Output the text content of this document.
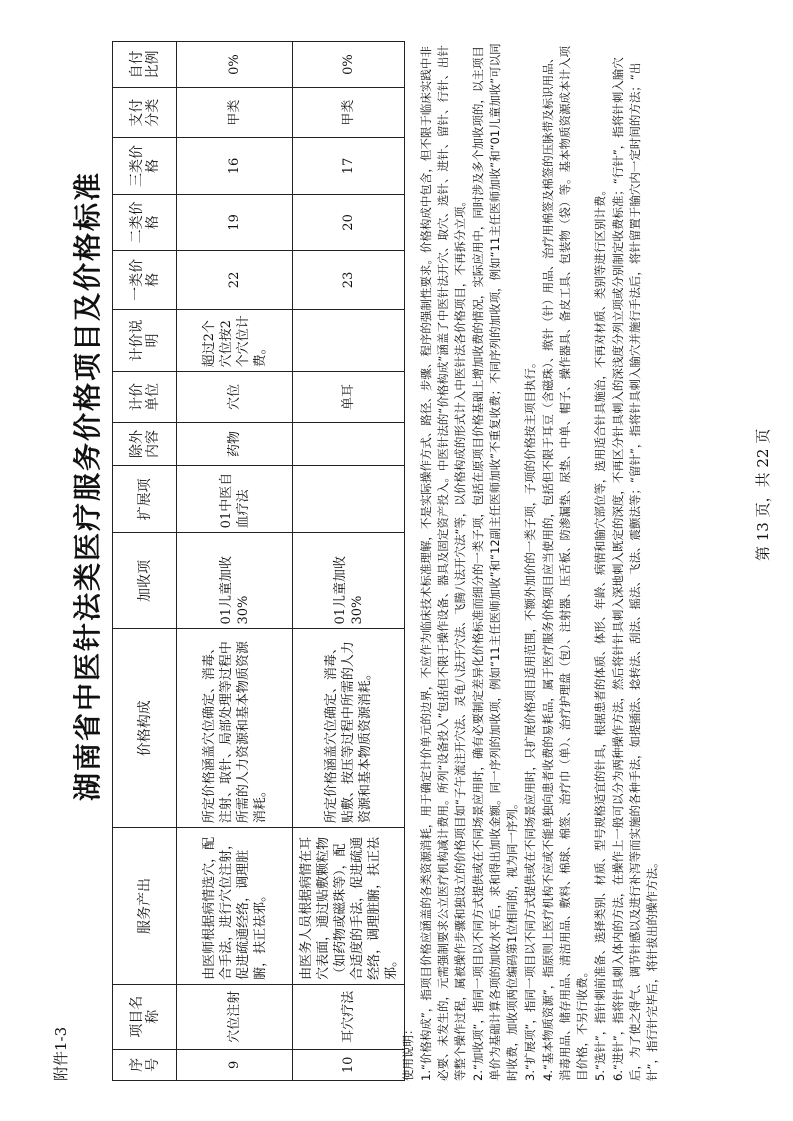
附件1-3
湖南省中医针法类医疗服务价格项目及价格标准
序号	项目名称	服务产出	价格构成	加收项	扩展项	除外内容	计价单位	计价说明	一类价格	二类价格	三类价格	支付分类	自付比例
9	穴位注射	由医师根据病情选穴，配合手法，进行穴位注射，促进疏通经络，调理脏腑，扶正祛邪。	所定价格涵盖穴位确定、消毒、注射、取针、局部处理等过程中所需的人力资源和基本物质资源消耗。	01儿童加收30%	01中医自血疗法	药物	穴位	超过2个穴位按2个穴位计费。	22	19	16	甲类	0%
10	耳穴疗法	由医务人员根据病情在耳穴表面，通过贴敷颗粒物（如药物或磁珠等），配合适度的手法，促进疏通经络，调理脏腑，扶正祛邪。	所定价格涵盖穴位确定、消毒、贴敷、按压等过程中所需的人力资源和基本物质资源消耗。	01儿童加收30%			单耳		23	20	17	甲类	0%

使用说明： 1.“价格构成”，指项目价格应涵盖的各类资源消耗，用于确定计价单元的边界，不应作为临床技术标准理解，不是实际操作方式、路径、步骤、程序的强制性要求。价格构成中包含，但不限于临床实践中非必要、未发生的，元需强制要求公立医疗机构减计费用。所列“设备投入”包括但不限于操作设备、器具及固定资产投入。中医针法的“价格构成”涵盖了中医针法开穴、取穴、选针、进针、留针、行针、出针等整个操作过程，属被操作步骤和独设立的价格项目如“子午流注开穴法、灵龟八法开穴法、飞腾八法开穴法”等，以价格构成的形式计入中医针法各价格项目，不再拆分立项。 2.“加收项”，指同一项目以不同方式提供或在不同场景应用时，确有必要制定差异化价格标准而细分的一类子项，包括在原项目价格基础上增加收费的情况，实际应用中，同时涉及多个加收项的，以主项目单价为基础计算各项的加收水平后，求和得出加收金额。同一序列的加收项，例如“11主任医师加收”和“12副主任医师加收”不重复收费；不同序列的加收项，例如“11主任医师加收”和“01儿童加收”可以同时收费，加收项两位编码第1位相同的，视为同一序列。 3.“扩展项”，指同一项目以不同方式提供或在不同场景应用时，只扩展价格项目适用范围，不额外加价的一类子项，子项的价格按主项目执行。 4.“基本物质资源”，指原则上医疗机构不应或不能单独向患者收费的易耗品，属于医疗服务价格项目应当使用的，包括但不限于耳豆（含磁珠）、揿针（针）用品、治疗用棉签及棉签的压脉带及标识用品、消毒用品、储存用品、清洁用品、敷料、棉球、棉签、治疗巾（单）、治疗护理盘（包）、注射器、压舌板、防渗漏垫、尿垫、中单、帽子、操作器具、备皮工具、包装物（袋）等。基本物质资源成本计入项目价格，不另行收费。 5.“选针”，指针刺前准备、选择类别、材质、型号规格适宜的针具，根据患者的体质、体形、年龄、病情和腧穴部位等，选用适合针具施治，不再对材质、类别等进行区别计费。 6.“进针”，指将针具刺入体内的方法，在操作上一般可以分为两种操作方法，然后将针针具刺入深地刺入既定的深度，不再区分针具刺入的深浅度分列立项或分别制定收费标准；“行针”，指将针刺入腧穴后，为了使之得气、调节针感以及进行补泻等而实施的各种手法，如提插法、捻转法、刮法、摇法、飞法、震颤法等；“留针”，指将针具刺入腧穴并施行手法后，将针留置于腧穴内一定时间的方法；“出针”，指行针完毕后，将针拔出的操作方法。

第 13 页，共 22 页
